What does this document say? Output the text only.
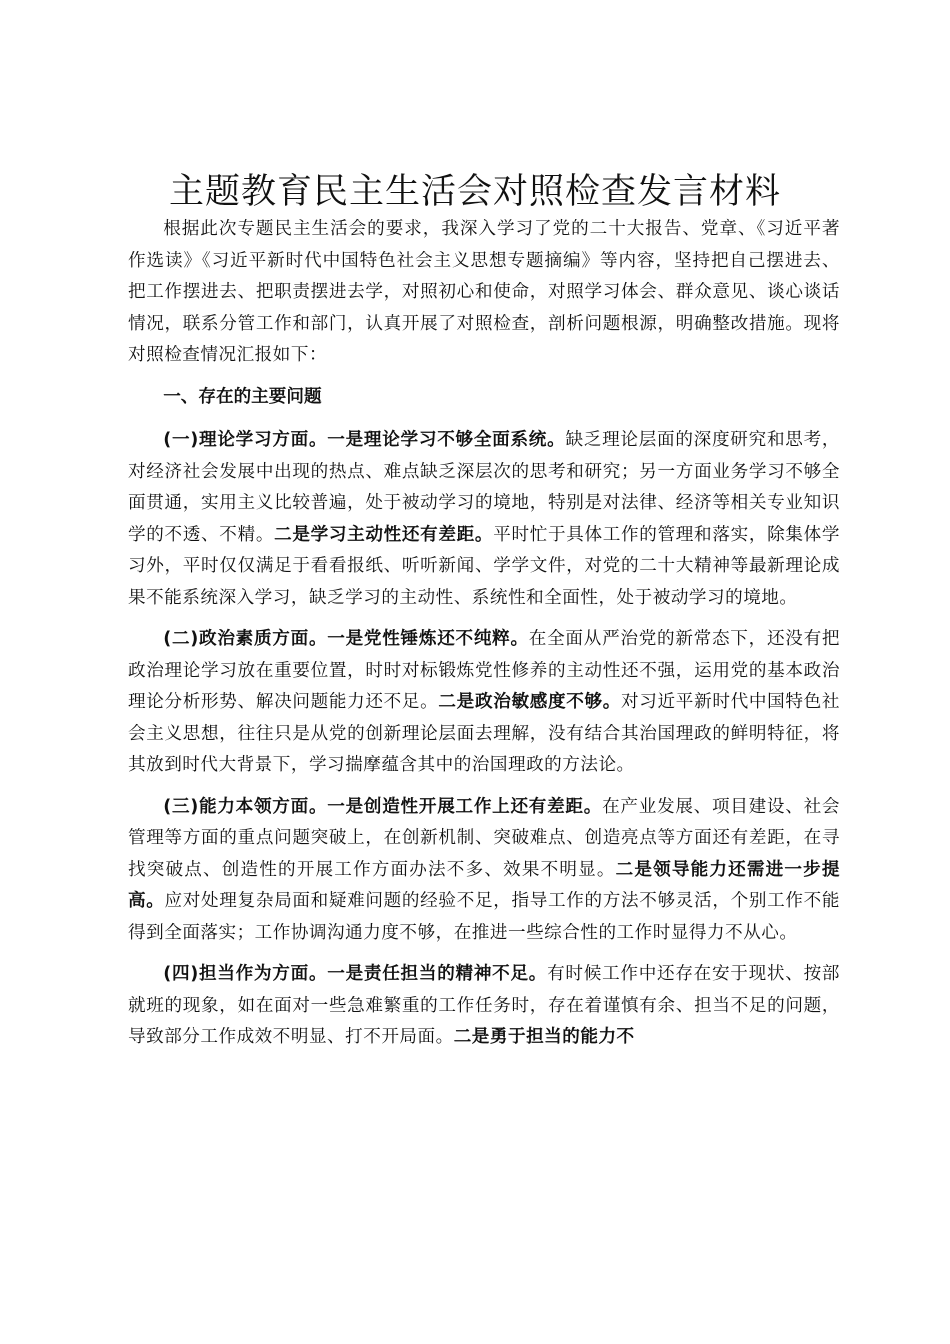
主题教育民主生活会对照检查发言材料

根据此次专题民主生活会的要求，我深入学习了党的二十大报告、党章、《习近平著作选读》《习近平新时代中国特色社会主义思想专题摘编》等内容，坚持把自己摆进去、把工作摆进去、把职责摆进去学，对照初心和使命，对照学习体会、群众意见、谈心谈话情况，联系分管工作和部门，认真开展了对照检查，剖析问题根源，明确整改措施。现将对照检查情况汇报如下：

一、存在的主要问题

(一)理论学习方面。一是理论学习不够全面系统。缺乏理论层面的深度研究和思考，对经济社会发展中出现的热点、难点缺乏深层次的思考和研究；另一方面业务学习不够全面贯通，实用主义比较普遍，处于被动学习的境地，特别是对法律、经济等相关专业知识学的不透、不精。二是学习主动性还有差距。平时忙于具体工作的管理和落实，除集体学习外，平时仅仅满足于看看报纸、听听新闻、学学文件，对党的二十大精神等最新理论成果不能系统深入学习，缺乏学习的主动性、系统性和全面性，处于被动学习的境地。

(二)政治素质方面。一是党性锤炼还不纯粹。在全面从严治党的新常态下，还没有把政治理论学习放在重要位置，时时对标锻炼党性修养的主动性还不强，运用党的基本政治理论分析形势、解决问题能力还不足。二是政治敏感度不够。对习近平新时代中国特色社会主义思想，往往只是从党的创新理论层面去理解，没有结合其治国理政的鲜明特征，将其放到时代大背景下，学习揣摩蕴含其中的治国理政的方法论。

(三)能力本领方面。一是创造性开展工作上还有差距。在产业发展、项目建设、社会管理等方面的重点问题突破上，在创新机制、突破难点、创造亮点等方面还有差距，在寻找突破点、创造性的开展工作方面办法不多、效果不明显。二是领导能力还需进一步提高。应对处理复杂局面和疑难问题的经验不足，指导工作的方法不够灵活，个别工作不能得到全面落实；工作协调沟通力度不够，在推进一些综合性的工作时显得力不从心。

(四)担当作为方面。一是责任担当的精神不足。有时候工作中还存在安于现状、按部就班的现象，如在面对一些急难繁重的工作任务时，存在着谨慎有余、担当不足的问题，导致部分工作成效不明显、打不开局面。二是勇于担当的能力不
